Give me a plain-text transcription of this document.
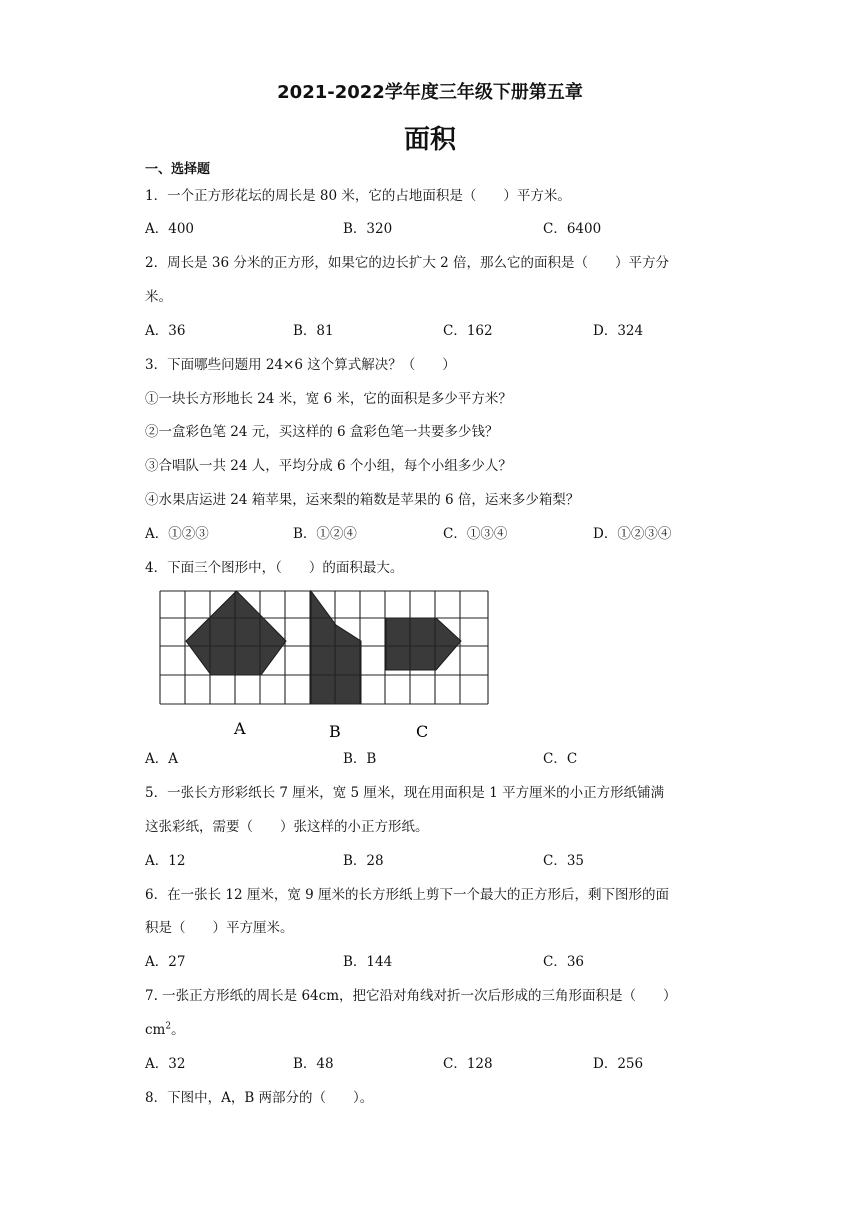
2021-2022学年度三年级下册第五章
面积
一、选择题
1．一个正方形花坛的周长是 80 米，它的占地面积是（　　）平方米。
A．400	B．320	C．6400
2．周长是 36 分米的正方形，如果它的边长扩大 2 倍，那么它的面积是（　　）平方分
米。
A．36	B．81	C．162	D．324
3．下面哪些问题用 24×6 这个算式解决？（　　）
①一块长方形地长 24 米，宽 6 米，它的面积是多少平方米？
②一盒彩色笔 24 元，买这样的 6 盒彩色笔一共要多少钱？
③合唱队一共 24 人，平均分成 6 个小组，每个小组多少人？
④水果店运进 24 箱苹果，运来梨的箱数是苹果的 6 倍，运来多少箱梨？
A．①②③	B．①②④	C．①③④	D．①②③④
4．下面三个图形中，（　　）的面积最大。
A	B	C
A．A	B．B	C．C
5．一张长方形彩纸长 7 厘米，宽 5 厘米，现在用面积是 1 平方厘米的小正方形纸铺满
这张彩纸，需要（　　）张这样的小正方形纸。
A．12	B．28	C．35
6．在一张长 12 厘米，宽 9 厘米的长方形纸上剪下一个最大的正方形后，剩下图形的面
积是（　　）平方厘米。
A．27	B．144	C．36
7. 一张正方形纸的周长是 64cm，把它沿对角线对折一次后形成的三角形面积是（　　）
$cm^2$。
A．32	B．48	C．128	D．256
8．下图中，A，B 两部分的（　　）。
